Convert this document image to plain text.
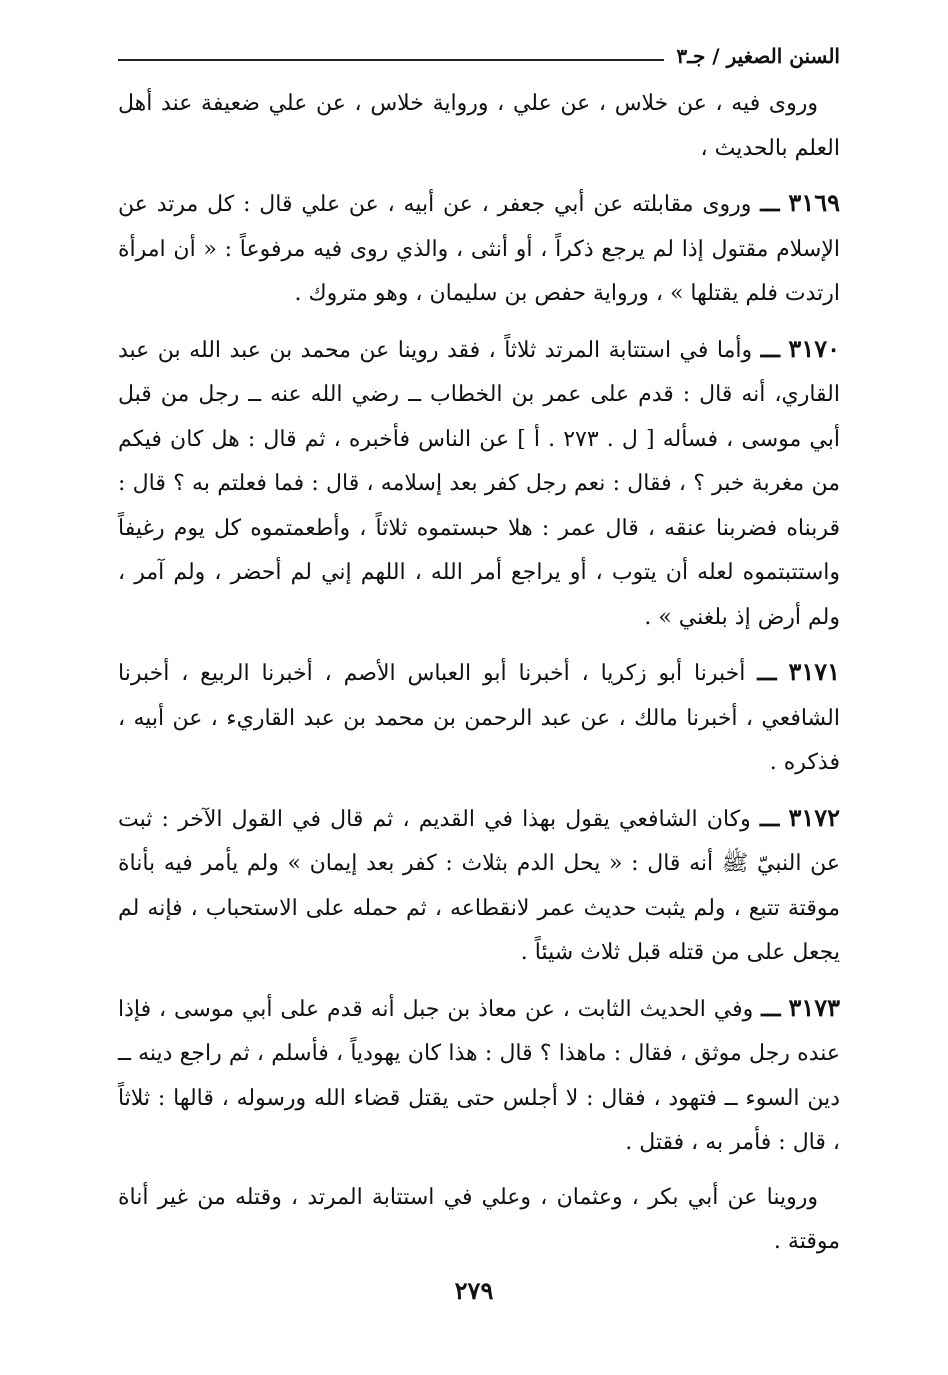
السنن الصغير / جـ٣

وروى فيه ، عن خلاس ، عن علي ، ورواية خلاس ، عن علي ضعيفة عند أهل العلم بالحديث ،

٣١٦٩ ـــ وروى مقابلته عن أبي جعفر ، عن أبيه ، عن علي قال : كل مرتد عن الإسلام مقتول إذا لم يرجع ذكراً ، أو أنثى ، والذي روى فيه مرفوعاً : « أن امرأة ارتدت فلم يقتلها » ، ورواية حفص بن سليمان ، وهو متروك .

٣١٧٠ ـــ وأما في استتابة المرتد ثلاثاً ، فقد روينا عن محمد بن عبد الله بن عبد القاري، أنه قال : قدم على عمر بن الخطاب ــ رضي الله عنه ــ رجل من قبل أبي موسى ، فسأله [ ل . ٢٧٣ . أ ] عن الناس فأخبره ، ثم قال : هل كان فيكم من مغربة خبر ؟ ، فقال : نعم رجل كفر بعد إسلامه ، قال : فما فعلتم به ؟ قال : قربناه فضربنا عنقه ، قال عمر : هلا حبستموه ثلاثاً ، وأطعمتموه كل يوم رغيفاً واستتبتموه لعله أن يتوب ، أو يراجع أمر الله ، اللهم إني لم أحضر ، ولم آمر ، ولم أرض إذ بلغني » .

٣١٧١ ـــ أخبرنا أبو زكريا ، أخبرنا أبو العباس الأصم ، أخبرنا الربيع ، أخبرنا الشافعي ، أخبرنا مالك ، عن عبد الرحمن بن محمد بن عبد القاريء ، عن أبيه ، فذكره .

٣١٧٢ ـــ وكان الشافعي يقول بهذا في القديم ، ثم قال في القول الآخر : ثبت عن النبيّ ﷺ أنه قال : « يحل الدم بثلاث : كفر بعد إيمان » ولم يأمر فيه بأناة موقتة تتبع ، ولم يثبت حديث عمر لانقطاعه ، ثم حمله على الاستحباب ، فإنه لم يجعل على من قتله قبل ثلاث شيئاً .

٣١٧٣ ـــ وفي الحديث الثابت ، عن معاذ بن جبل أنه قدم على أبي موسى ، فإذا عنده رجل موثق ، فقال : ماهذا ؟ قال : هذا كان يهودياً ، فأسلم ، ثم راجع دينه ــ دين السوء ــ فتهود ، فقال : لا أجلس حتى يقتل قضاء الله ورسوله ، قالها : ثلاثاً ، قال : فأمر به ، فقتل .

وروينا عن أبي بكر ، وعثمان ، وعلي في استتابة المرتد ، وقتله من غير أناة موقتة .

٢٧٩
